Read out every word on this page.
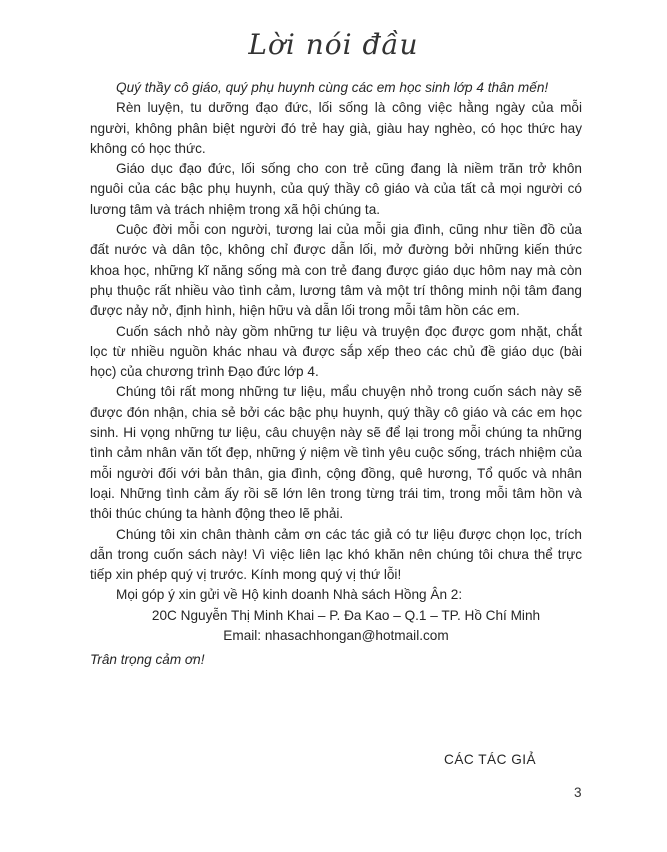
Lời nói đầu

Quý thầy cô giáo, quý phụ huynh cùng các em học sinh lớp 4 thân mến!

Rèn luyện, tu dưỡng đạo đức, lối sống là công việc hằng ngày của mỗi người, không phân biệt người đó trẻ hay già, giàu hay nghèo, có học thức hay không có học thức.

Giáo dục đạo đức, lối sống cho con trẻ cũng đang là niềm trăn trở khôn nguôi của các bậc phụ huynh, của quý thầy cô giáo và của tất cả mọi người có lương tâm và trách nhiệm trong xã hội chúng ta.

Cuộc đời mỗi con người, tương lai của mỗi gia đình, cũng như tiền đồ của đất nước và dân tộc, không chỉ được dẫn lối, mở đường bởi những kiến thức khoa học, những kĩ năng sống mà con trẻ đang được giáo dục hôm nay mà còn phụ thuộc rất nhiều vào tình cảm, lương tâm và một trí thông minh nội tâm đang được nảy nở, định hình, hiện hữu và dẫn lối trong mỗi tâm hồn các em.

Cuốn sách nhỏ này gồm những tư liệu và truyện đọc được gom nhặt, chắt lọc từ nhiều nguồn khác nhau và được sắp xếp theo các chủ đề giáo dục (bài học) của chương trình Đạo đức lớp 4.

Chúng tôi rất mong những tư liệu, mẩu chuyện nhỏ trong cuốn sách này sẽ được đón nhận, chia sẻ bởi các bậc phụ huynh, quý thầy cô giáo và các em học sinh. Hi vọng những tư liệu, câu chuyện này sẽ để lại trong mỗi chúng ta những tình cảm nhân văn tốt đẹp, những ý niệm về tình yêu cuộc sống, trách nhiệm của mỗi người đối với bản thân, gia đình, cộng đồng, quê hương, Tổ quốc và nhân loại. Những tình cảm ấy rồi sẽ lớn lên trong từng trái tim, trong mỗi tâm hồn và thôi thúc chúng ta hành động theo lẽ phải.

Chúng tôi xin chân thành cảm ơn các tác giả có tư liệu được chọn lọc, trích dẫn trong cuốn sách này! Vì việc liên lạc khó khăn nên chúng tôi chưa thể trực tiếp xin phép quý vị trước. Kính mong quý vị thứ lỗi!

Mọi góp ý xin gửi về Hộ kinh doanh Nhà sách Hồng Ân 2:

20C Nguyễn Thị Minh Khai – P. Đa Kao – Q.1 – TP. Hồ Chí Minh

Email: nhasachhongan@hotmail.com

Trân trọng cảm ơn!

CÁC TÁC GIẢ
3
